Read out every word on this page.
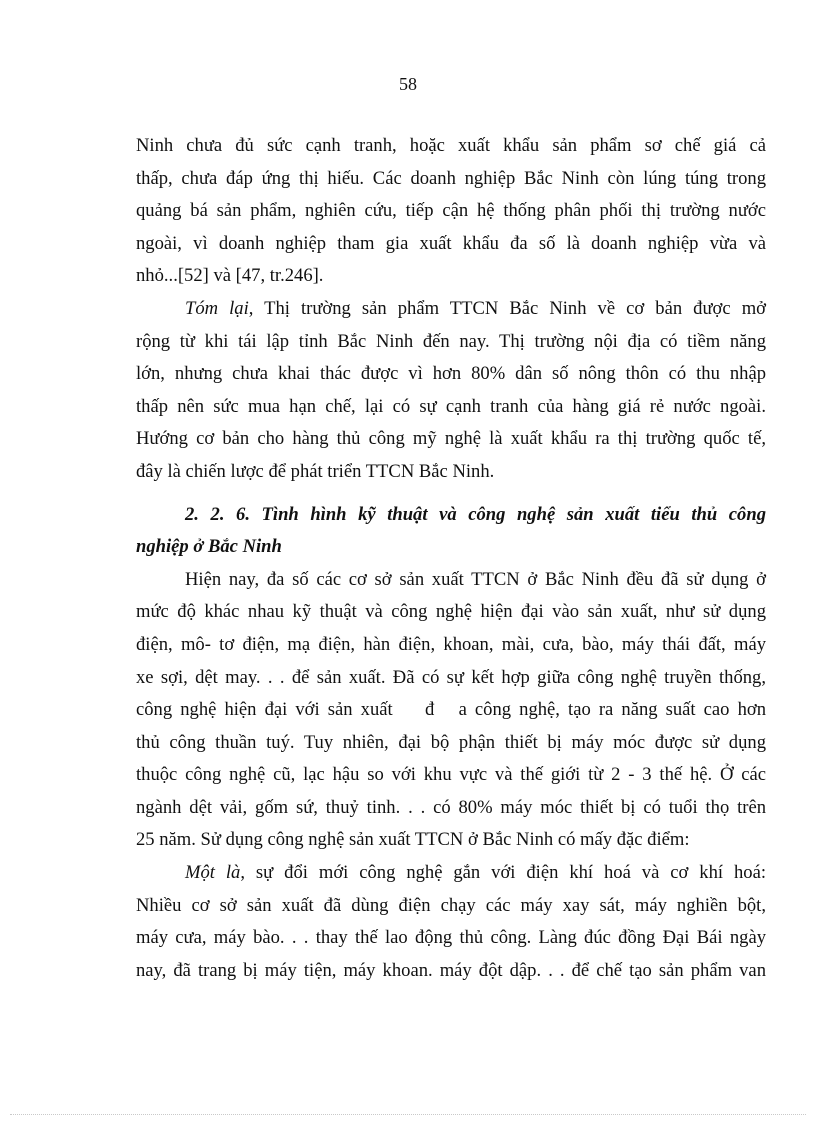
58
Ninh chưa đủ sức cạnh tranh, hoặc xuất khẩu sản phẩm sơ chế giá cả
thấp, chưa đáp ứng thị hiếu. Các doanh nghiệp Bắc Ninh còn lúng túng trong
quảng bá sản phẩm, nghiên cứu, tiếp cận hệ thống phân phối thị trường nước
ngoài, vì doanh nghiệp tham gia xuất khẩu đa số là doanh nghiệp vừa và
nhỏ...[52] và [47, tr.246].
Tóm lại, Thị trường sản phẩm TTCN Bắc Ninh về cơ bản được mở
rộng từ khi tái lập tỉnh Bắc Ninh đến nay. Thị trường nội địa có tiềm năng
lớn, nhưng chưa khai thác được vì hơn 80% dân số nông thôn có thu nhập
thấp nên sức mua hạn chế, lại có sự cạnh tranh của hàng giá rẻ nước ngoài.
Hướng cơ bản cho hàng thủ công mỹ nghệ là xuất khẩu ra thị trường quốc tế,
đây là chiến lược để phát triển TTCN Bắc Ninh.
2. 2. 6. Tình hình kỹ thuật và công nghệ sản xuất tiểu thủ công
nghiệp ở Bắc Ninh
Hiện nay, đa số các cơ sở sản xuất TTCN ở Bắc Ninh đều đã sử dụng ở
mức độ khác nhau kỹ thuật và công nghệ hiện đại vào sản xuất, như sử dụng
điện, mô- tơ điện, mạ điện, hàn điện, khoan, mài, cưa, bào, máy thái đất, máy
xe sợi, dệt may. . . để sản xuất. Đã có sự kết hợp giữa công nghệ truyền thống,
công nghệ hiện đại với sản xuất    đ   a công nghệ, tạo ra năng suất cao hơn
thủ công thuần tuý. Tuy nhiên, đại bộ phận thiết bị máy móc được sử dụng
thuộc công nghệ cũ, lạc hậu so với khu vực và thế giới từ 2 - 3 thế hệ. Ở các
ngành dệt vải, gốm sứ, thuỷ tinh. . . có 80% máy móc thiết bị có tuổi thọ trên
25 năm. Sử dụng công nghệ sản xuất TTCN ở Bắc Ninh có mấy đặc điểm:
Một là, sự đổi mới công nghệ gắn với điện khí hoá và cơ khí hoá:
Nhiều cơ sở sản xuất đã dùng điện chạy các máy xay sát, máy nghiền bột,
máy cưa, máy bào. . . thay thế lao động thủ công. Làng đúc đồng Đại Bái ngày
nay, đã trang bị máy tiện, máy khoan. máy đột dập. . . để chế tạo sản phẩm van
